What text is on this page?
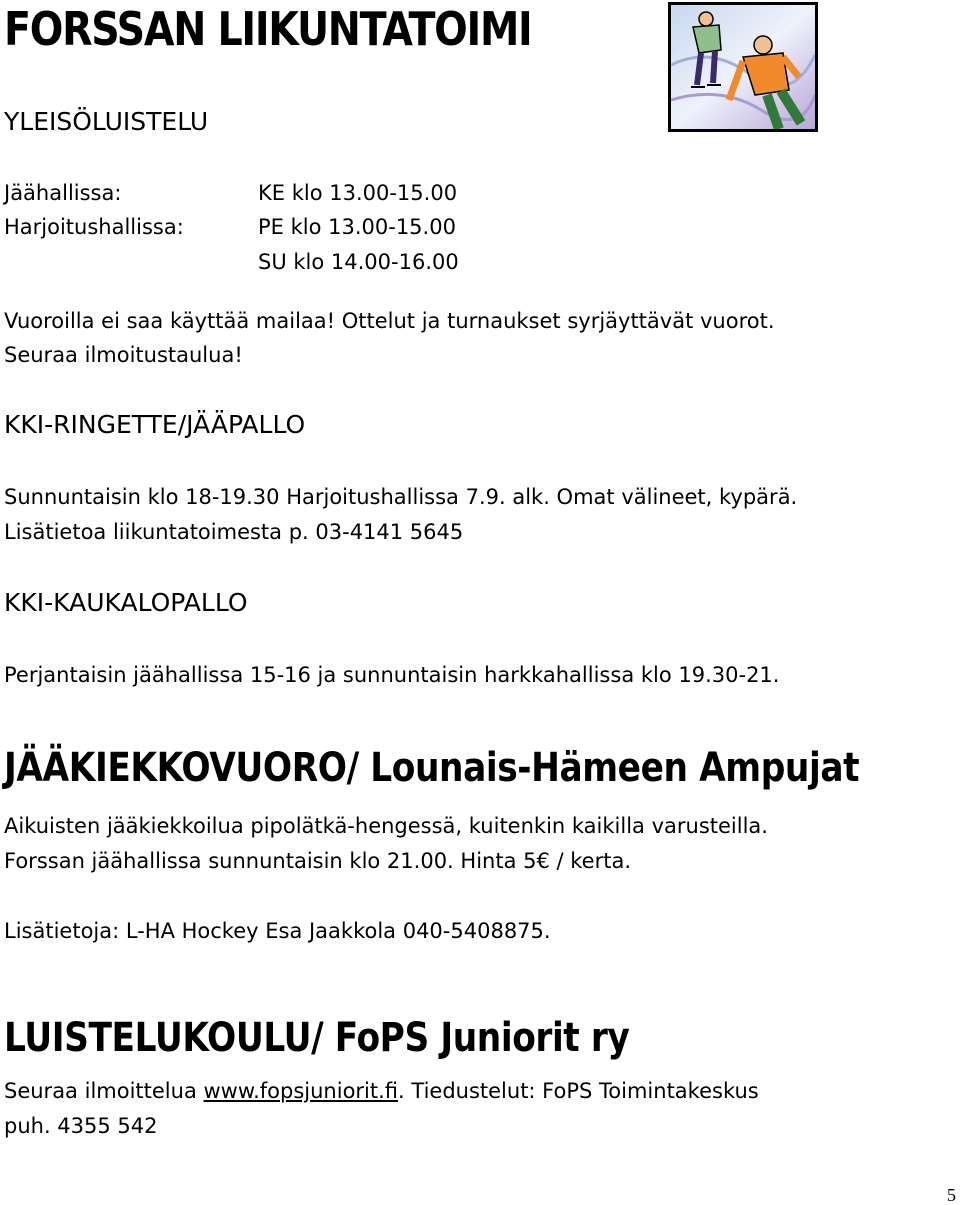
FORSSAN LIIKUNTATOIMI
YLEISÖLUISTELU
Jäähallissa:	KE klo 13.00-15.00
Harjoitushallissa:	PE klo 13.00-15.00
SU klo 14.00-16.00
Vuoroilla ei saa käyttää mailaa! Ottelut ja turnaukset syrjäyttävät vuorot.
Seuraa ilmoitustaulua!
KKI-RINGETTE/JÄÄPALLO
Sunnuntaisin klo 18-19.30 Harjoitushallissa 7.9. alk. Omat välineet, kypärä.
Lisätietoa liikuntatoimesta p. 03-4141 5645
KKI-KAUKALOPALLO
Perjantaisin jäähallissa 15-16 ja sunnuntaisin harkkahallissa klo 19.30-21.
JÄÄKIEKKOVUORO/ Lounais-Hämeen Ampujat
Aikuisten jääkiekkoilua pipolätkä-hengessä, kuitenkin kaikilla varusteilla.
Forssan jäähallissa sunnuntaisin klo 21.00. Hinta 5€ / kerta.
Lisätietoja: L-HA Hockey Esa Jaakkola 040-5408875.
LUISTELUKOULU/ FoPS Juniorit ry
Seuraa ilmoittelua www.fopsjuniorit.fi. Tiedustelut: FoPS Toimintakeskus
puh. 4355 542
5
